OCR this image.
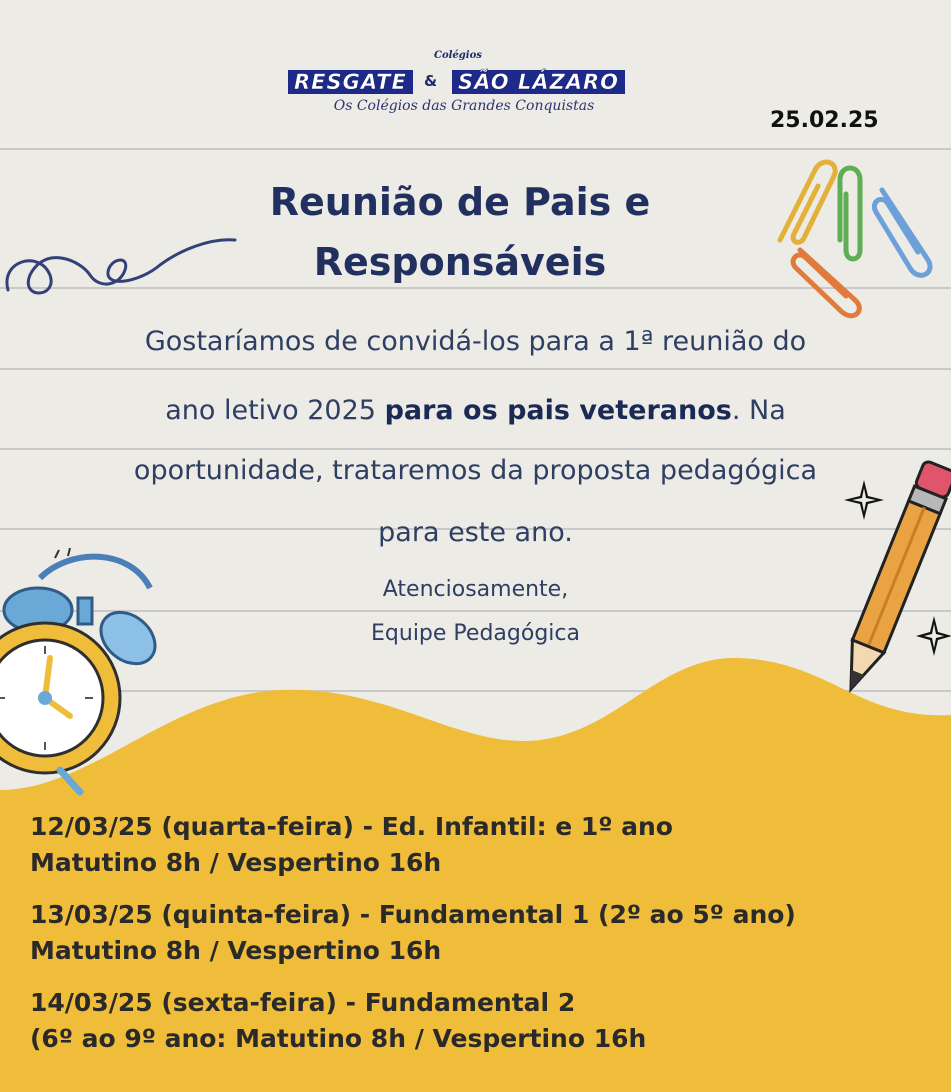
Colégios
RESGATE	& SÃO LÁZARO
Os Colégios das Grandes Conquistas
25.02.25
Reunião de Pais e
Responsáveis
Gostaríamos de convidá-los para a 1ª reunião do
ano letivo 2025 para os pais veteranos. Na
oportunidade, trataremos da proposta pedagógica
para este ano.
Atenciosamente,
Equipe Pedagógica
12/03/25 (quarta-feira) - Ed. Infantil: e 1º ano
Matutino 8h / Vespertino 16h
13/03/25 (quinta-feira) - Fundamental 1 (2º ao 5º ano)
Matutino 8h / Vespertino 16h
14/03/25 (sexta-feira) - Fundamental 2
(6º ao 9º ano: Matutino 8h / Vespertino 16h
